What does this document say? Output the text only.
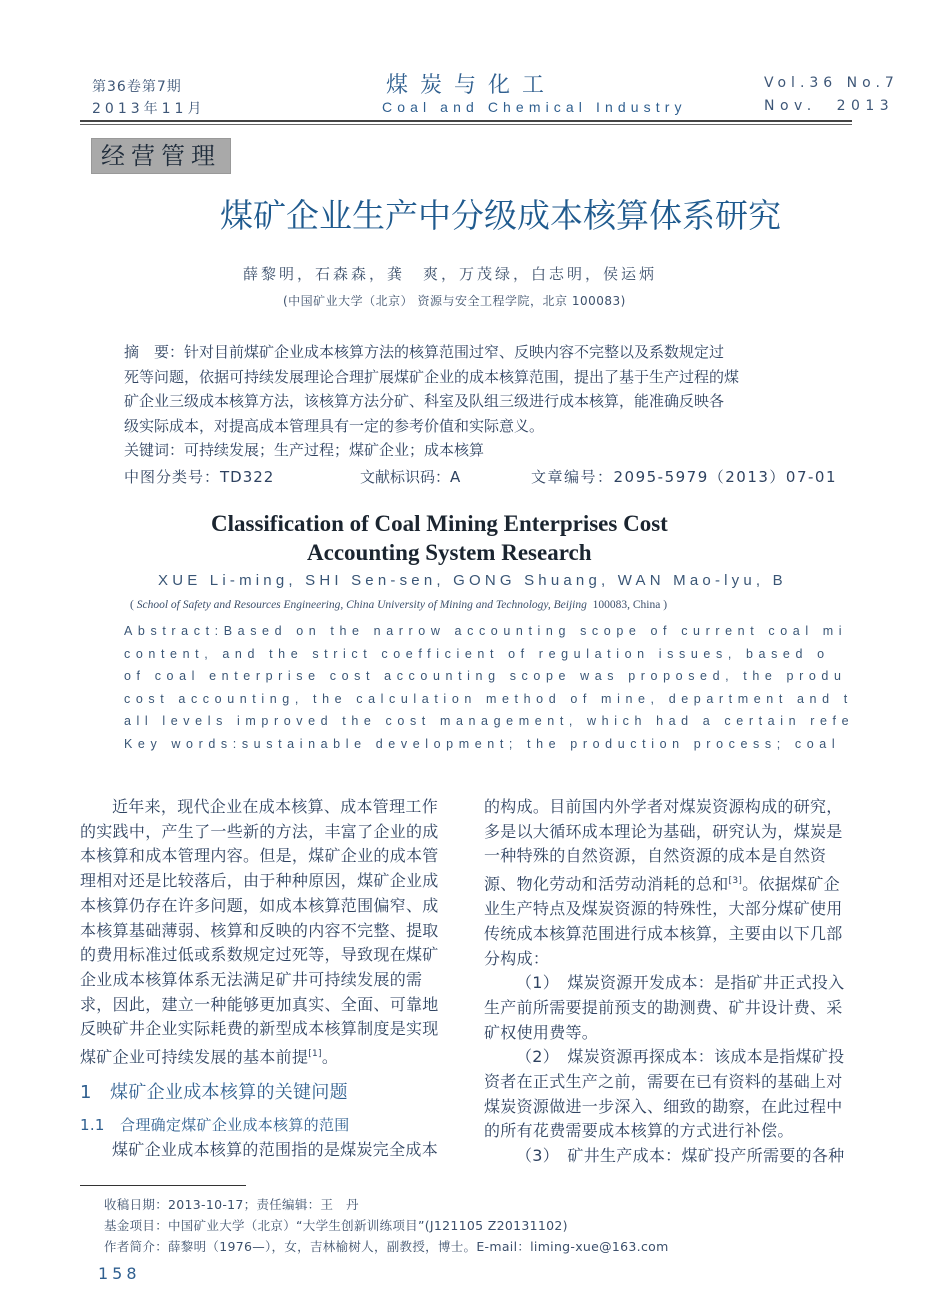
第36卷第7期
2013年11月
煤炭与化工
Coal and Chemical Industry
Vol.36 No.7
Nov.  2013
经营管理
煤矿企业生产中分级成本核算体系研究
薛黎明，石森森，龚　爽，万茂绿，白志明，侯运炳
(中国矿业大学（北京） 资源与安全工程学院，北京 100083)
摘　要：针对目前煤矿企业成本核算方法的核算范围过窄、反映内容不完整以及系数规定过
死等问题，依据可持续发展理论合理扩展煤矿企业的成本核算范围，提出了基于生产过程的煤
矿企业三级成本核算方法，该核算方法分矿、科室及队组三级进行成本核算，能准确反映各
级实际成本，对提高成本管理具有一定的参考价值和实际意义。
关键词：可持续发展；生产过程；煤矿企业；成本核算
中图分类号：TD322	文献标识码：A	文章编号：2095-5979（2013）07-01
Classification of Coal Mining Enterprises Cost
Accounting System Research
XUE Li-ming, SHI Sen-sen, GONG Shuang, WAN Mao-lyu, B
( School of Safety and Resources Engineering, China University of Mining and Technology, Beijing  100083, China )
Abstract:Based on the narrow accounting scope of current coal mi
content, and the strict coefficient of regulation issues, based o
of coal enterprise cost accounting scope was proposed, the produ
cost accounting, the calculation method of mine, department and t
all levels improved the cost management, which had a certain refe
Key words:sustainable development; the production process; coal

近年来，现代企业在成本核算、成本管理工作的实践中，产生了一些新的方法，丰富了企业的成本核算和成本管理内容。但是，煤矿企业的成本管理相对还是比较落后，由于种种原因，煤矿企业成本核算仍存在许多问题，如成本核算范围偏窄、成本核算基础薄弱、核算和反映的内容不完整、提取的费用标准过低或系数规定过死等，导致现在煤矿企业成本核算体系无法满足矿井可持续发展的需求，因此，建立一种能够更加真实、全面、可靠地反映矿井企业实际耗费的新型成本核算制度是实现煤矿企业可持续发展的基本前提[1]。

1　煤矿企业成本核算的关键问题

1.1　合理确定煤矿企业成本核算的范围

煤矿企业成本核算的范围指的是煤炭完全成本

的构成。目前国内外学者对煤炭资源构成的研究，多是以大循环成本理论为基础，研究认为，煤炭是一种特殊的自然资源，自然资源的成本是自然资源、物化劳动和活劳动消耗的总和[3]。依据煤矿企业生产特点及煤炭资源的特殊性，大部分煤矿使用传统成本核算范围进行成本核算，主要由以下几部分构成：

（1）　煤炭资源开发成本：是指矿井正式投入生产前所需要提前预支的勘测费、矿井设计费、采矿权使用费等。

（2）　煤炭资源再探成本：该成本是指煤矿投资者在正式生产之前，需要在已有资料的基础上对煤炭资源做进一步深入、细致的勘察，在此过程中的所有花费需要成本核算的方式进行补偿。

（3）　矿井生产成本：煤矿投产所需要的各种

收稿日期：2013-10-17；责任编辑：王　丹
基金项目：中国矿业大学（北京）“大学生创新训练项目”(J121105 Z20131102)
作者简介：薛黎明（1976—），女，吉林榆树人，副教授，博士。E-mail：liming-xue@163.com
158
